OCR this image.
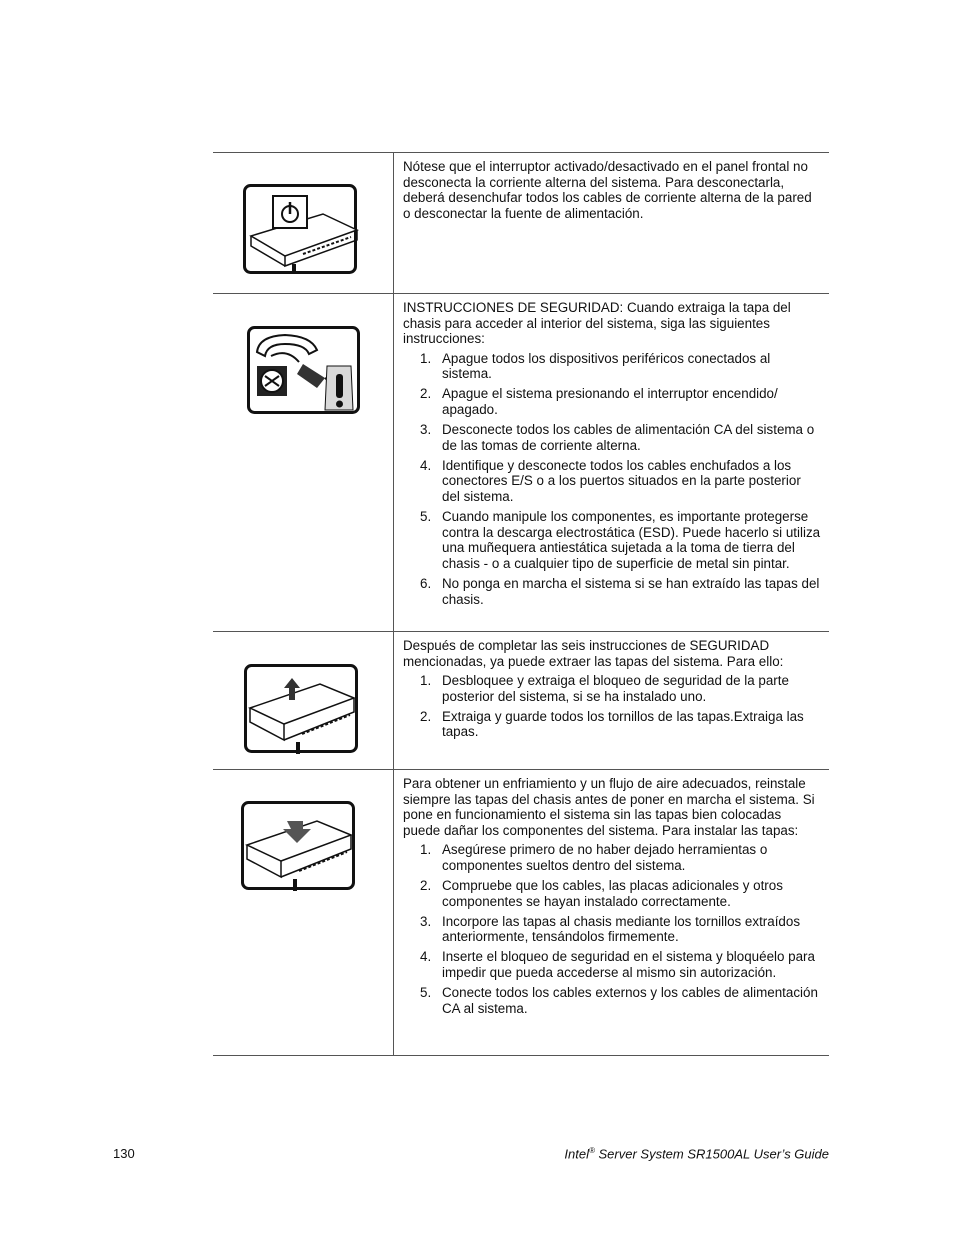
Nótese que el interruptor activado/desactivado en el panel frontal no desconecta la corriente alterna del sistema. Para desconectarla, deberá desenchufar todos los cables de corriente alterna de la pared o desconectar la fuente de alimentación.

INSTRUCCIONES DE SEGURIDAD: Cuando extraiga la tapa del chasis para acceder al interior del sistema, siga las siguientes instrucciones:

1. Apague todos los dispositivos periféricos conectados al sistema.
2. Apague el sistema presionando el interruptor encendido/ apagado.
3. Desconecte todos los cables de alimentación CA del sistema o de las tomas de corriente alterna.
4. Identifique y desconecte todos los cables enchufados a los conectores E/S o a los puertos situados en la parte posterior del sistema.
5. Cuando manipule los componentes, es importante protegerse contra la descarga electrostática (ESD). Puede hacerlo si utiliza una muñequera antiestática sujetada a la toma de tierra del chasis - o a cualquier tipo de superficie de metal sin pintar.
6. No ponga en marcha el sistema si se han extraído las tapas del chasis.

Después de completar las seis instrucciones de SEGURIDAD mencionadas, ya puede extraer las tapas del sistema. Para ello:

1. Desbloquee y extraiga el bloqueo de seguridad de la parte posterior del sistema, si se ha instalado uno.
2. Extraiga y guarde todos los tornillos de las tapas.Extraiga las tapas.

Para obtener un enfriamiento y un flujo de aire adecuados, reinstale siempre las tapas del chasis antes de poner en marcha el sistema. Si pone en funcionamiento el sistema sin las tapas bien colocadas puede dañar los componentes del sistema. Para instalar las tapas:

1. Asegúrese primero de no haber dejado herramientas o componentes sueltos dentro del sistema.
2. Compruebe que los cables, las placas adicionales y otros componentes se hayan instalado correctamente.
3. Incorpore las tapas al chasis mediante los tornillos extraídos anteriormente, tensándolos firmemente.
4. Inserte el bloqueo de seguridad en el sistema y bloquéelo para impedir que pueda accederse al mismo sin autorización.
5. Conecte todos los cables externos y los cables de alimentación CA al sistema.
130	Intel® Server System SR1500AL User’s Guide
